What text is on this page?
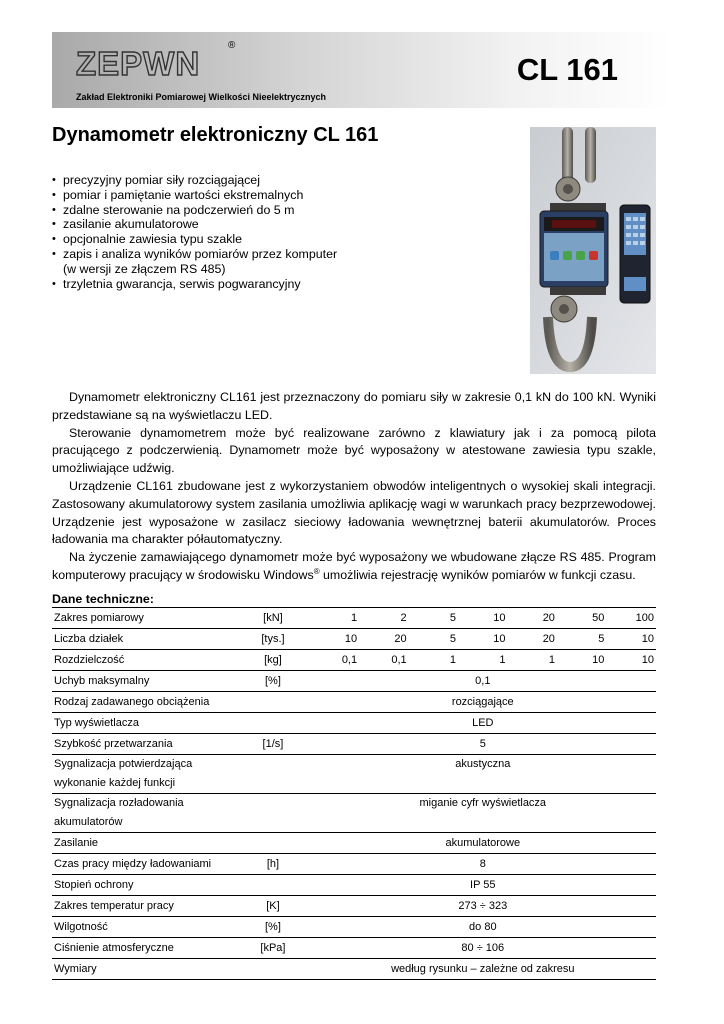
ZEPWN	®
Zakład Elektroniki Pomiarowej Wielkości Nieelektrycznych
CL 161
Dynamometr elektroniczny CL 161
• precyzyjny pomiar siły rozciągającej
• pomiar i pamiętanie wartości ekstremalnych
• zdalne sterowanie na podczerwień do 5 m
• zasilanie akumulatorowe
• opcjonalnie zawiesia typu szakle
• zapis i analiza wyników pomiarów przez komputer
(w wersji ze złączem RS 485)
• trzyletnia gwarancja, serwis pogwarancyjny

Dynamometr elektroniczny CL161 jest przeznaczony do pomiaru siły w zakresie 0,1 kN do 100 kN. Wyniki przedstawiane są na wyświetlaczu LED.

Sterowanie dynamometrem może być realizowane zarówno z klawiatury jak i za pomocą pilota pracującego z podczerwienią. Dynamometr może być wyposażony w atestowane zawiesia typu szakle, umożliwiające udźwig.

Urządzenie CL161 zbudowane jest z wykorzystaniem obwodów inteligentnych o wysokiej skali integracji. Zastosowany akumulatorowy system zasilania umożliwia aplikację wagi w warunkach pracy bezprzewodowej. Urządzenie jest wyposażone w zasilacz sieciowy ładowania wewnętrznej baterii akumulatorów. Proces ładowania ma charakter półautomatyczny.

Na życzenie zamawiającego dynamometr może być wyposażony we wbudowane złącze RS 485. Program komputerowy pracujący w środowisku Windows® umożliwia rejestrację wyników pomiarów w funkcji czasu.

Dane techniczne:
Zakres pomiarowy	[kN]	1	2	5	10	20	50	100
Liczba działek	[tys.]	10	20	5	10	20	5	10
Rozdzielczość	[kg]	0,1	0,1	1	1	1	10	10
Uchyb maksymalny	[%]	0,1						
Rodzaj zadawanego obciążenia		rozciągające						
Typ wyświetlacza		LED						
Szybkość przetwarzania	[1/s]	5						

Sygnalizacja potwierdzająca
wykonanie każdej funkcji		akustyczna						

Sygnalizacja rozładowania
akumulatorów		miganie cyfr wyświetlacza						
Zasilanie		akumulatorowe						
Czas pracy między ładowaniami	[h]	8						
Stopień ochrony		IP 55						
Zakres temperatur pracy	[K]	273 ÷ 323						
Wilgotność	[%]	do 80						
Ciśnienie atmosferyczne	[kPa]	80 ÷ 106						
Wymiary		według rysunku – zależne od zakresu						
